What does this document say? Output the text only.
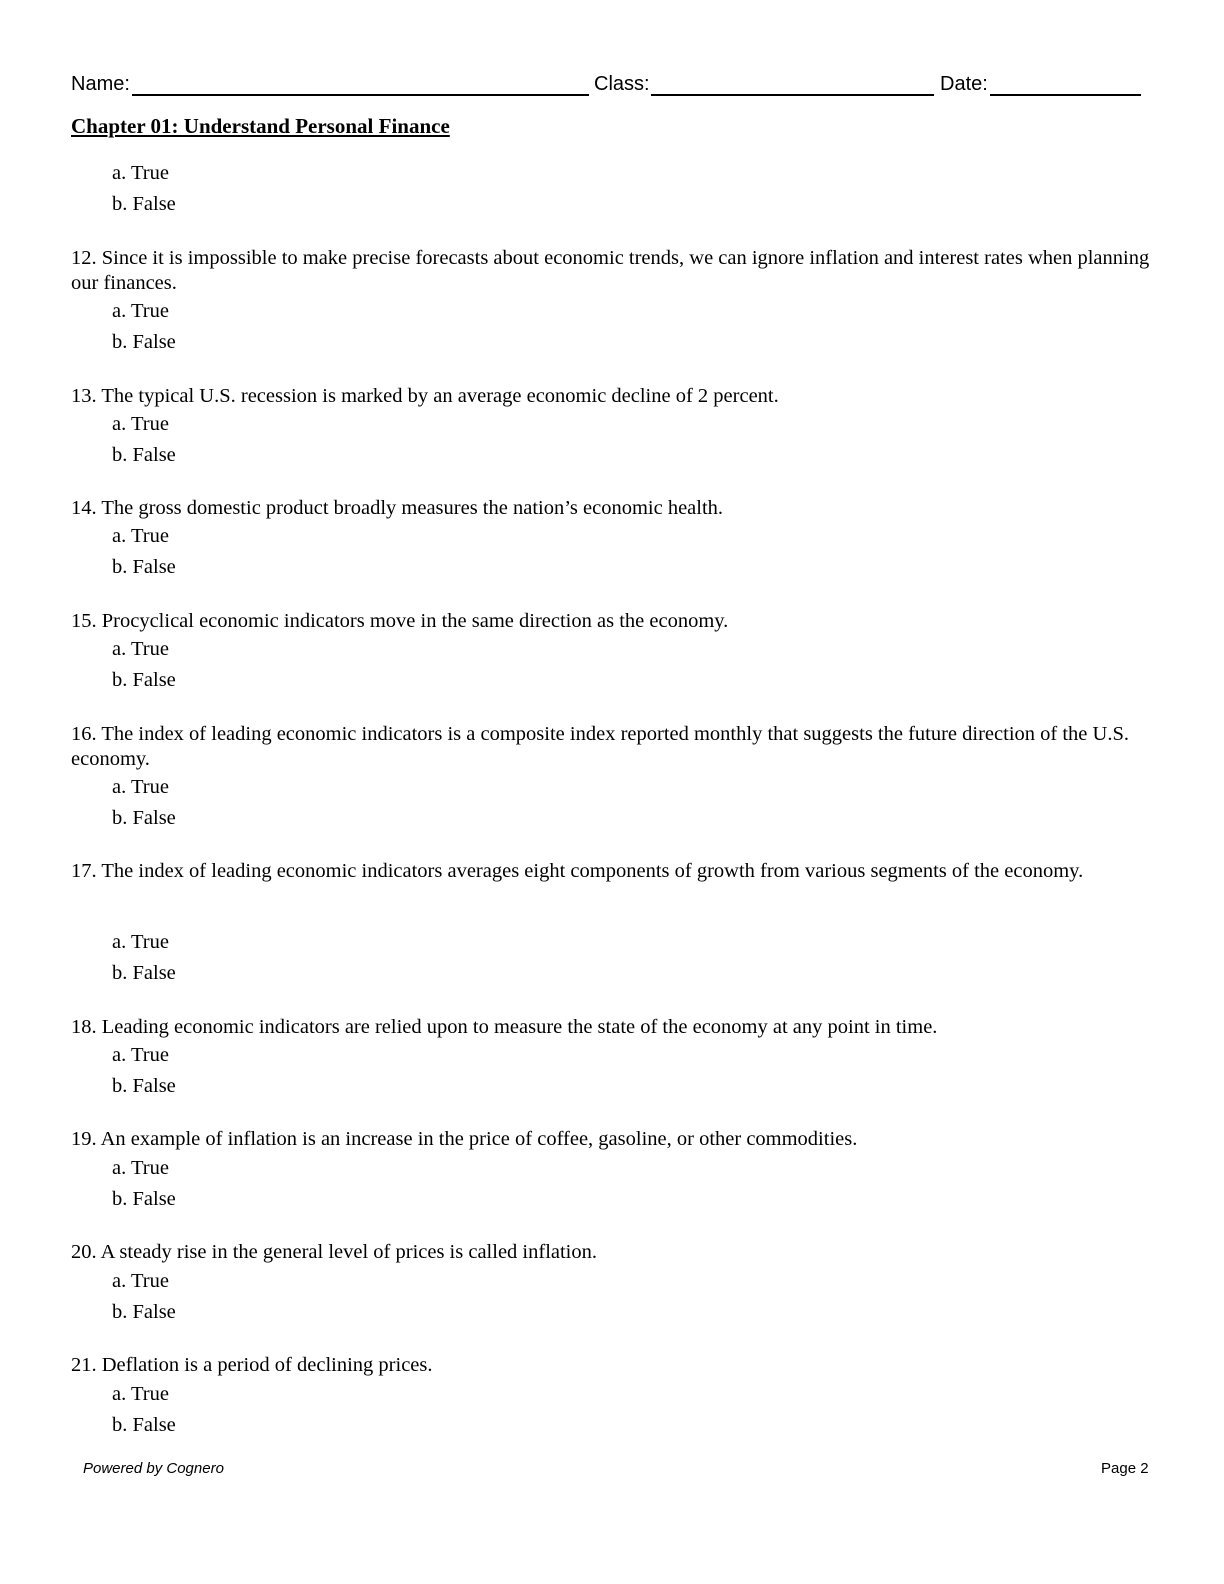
Name:	Class:	Date:
Chapter 01: Understand Personal Finance
a. True
b. False
12. Since it is impossible to make precise forecasts about economic trends, we can ignore inflation and interest rates when planning our finances.
a. True
b. False
13. The typical U.S. recession is marked by an average economic decline of 2 percent.
a. True
b. False
14. The gross domestic product broadly measures the nation’s economic health.
a. True
b. False
15. Procyclical economic indicators move in the same direction as the economy.
a. True
b. False
16. The index of leading economic indicators is a composite index reported monthly that suggests the future direction of the U.S. economy.
a. True
b. False
17. The index of leading economic indicators averages eight components of growth from various segments of the economy.
a. True
b. False
18. Leading economic indicators are relied upon to measure the state of the economy at any point in time.
a. True
b. False
19. An example of inflation is an increase in the price of coffee, gasoline, or other commodities.
a. True
b. False
20. A steady rise in the general level of prices is called inflation.
a. True
b. False
21. Deflation is a period of declining prices.
a. True
b. False
Powered by Cognero	Page 2
